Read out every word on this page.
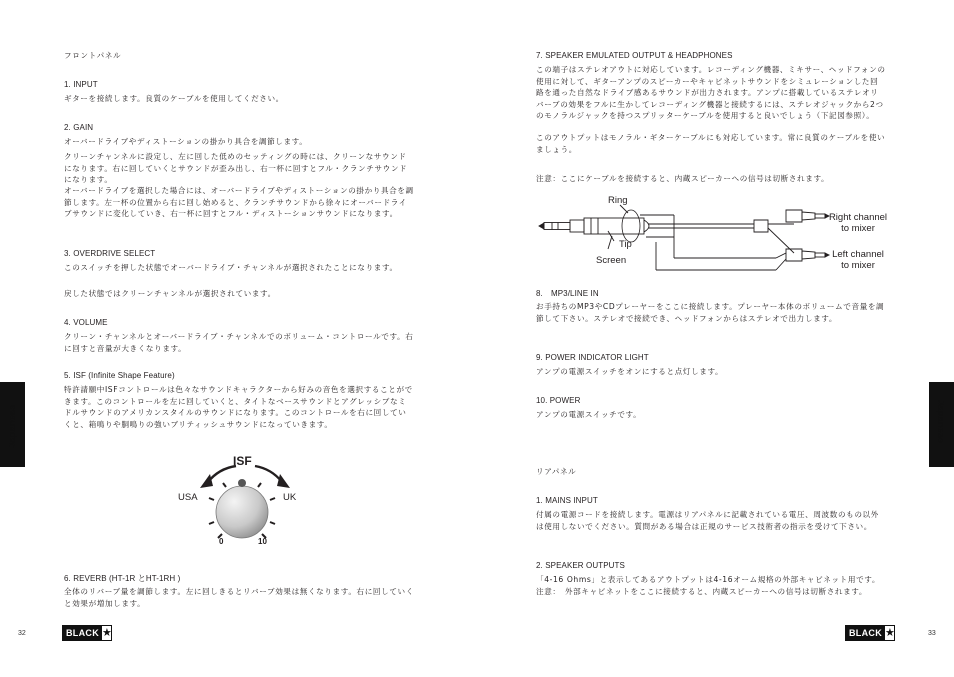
フロントパネル

1. INPUT

ギターを接続します。良質のケーブルを使用してください。

2. GAIN

オーバードライブやディストーションの掛かり具合を調節します。

クリーンチャンネルに設定し、左に回した低めのセッティングの時には、クリーンなサウンドになります。右に回していくとサウンドが歪み出し、右一杯に回すとフル・クランチサウンドになります。

オーバードライブを選択した場合には、オーバードライブやディストーションの掛かり具合を調節します。左一杯の位置から右に回し始めると、クランチサウンドから徐々にオーバードライブサウンドに変化していき、右一杯に回すとフル・ディストーションサウンドになります。

3. OVERDRIVE SELECT

このスイッチを押した状態でオーバードライブ・チャンネルが選択されたことになります。

戻した状態ではクリーンチャンネルが選択されています。

4. VOLUME

クリーン・チャンネルとオーバードライブ・チャンネルでのボリューム・コントロールです。右に回すと音量が大きくなります。

5. ISF (Infinite Shape Feature)

特許請願中ISFコントロールは色々なサウンドキャラクターから好みの音色を選択することができます。このコントロールを左に回していくと、タイトなベースサウンドとアグレッシブなミドルサウンドのアメリカンスタイルのサウンドになります。このコントロールを右に回していくと、箱鳴りや胴鳴りの強いブリティッシュサウンドになっていきます。

6. REVERB (HT-1R とHT-1RH )

全体のリバーブ量を調節します。左に回しきるとリバーブ効果は無くなります。右に回していくと効果が増加します。

ISF
USA	UK
0	10

7. SPEAKER EMULATED OUTPUT & HEADPHONES

この端子はステレオアウトに対応しています。レコーディング機器、ミキサー、ヘッドフォンの使用に対して、ギターアンプのスピーカーやキャビネットサウンドをシミュレーションした回路を通った自然なドライブ感あるサウンドが出力されます。アンプに搭載しているステレオリバーブの効果をフルに生かしてレコーディング機器と接続するには、ステレオジャックから2つのモノラルジャックを持つスプリッターケーブルを使用すると良いでしょう（下記図参照）。

このアウトプットはモノラル・ギターケーブルにも対応しています。常に良質のケーブルを使いましょう。

注意：ここにケーブルを接続すると、内蔵スピーカーへの信号は切断されます。

8.　MP3/LINE IN

お手持ちのMP3やCDプレーヤーをここに接続します。プレーヤー本体のボリュームで音量を調節して下さい。ステレオで接続でき、ヘッドフォンからはステレオで出力します。

9. POWER INDICATOR LIGHT

アンプの電源スイッチをオンにすると点灯します。

10. POWER

アンプの電源スイッチです。

リアパネル

1. MAINS INPUT

付属の電源コードを接続します。電源はリアパネルに記載されている電圧、周波数のもの以外は使用しないでください。質問がある場合は正規のサービス技術者の指示を受けて下さい。

2. SPEAKER OUTPUTS

「4-16 Ohms」と表示してあるアウトプットは4-16オーム規格の外部キャビネット用です。注意：　外部キャビネットをここに接続すると、内蔵スピーカーへの信号は切断されます。

Ring
Tip
Screen
Right channel
to mixer
Left channel
to mixer
Japanese	Japanese
32	BLACK ★	33
BLACK ★
